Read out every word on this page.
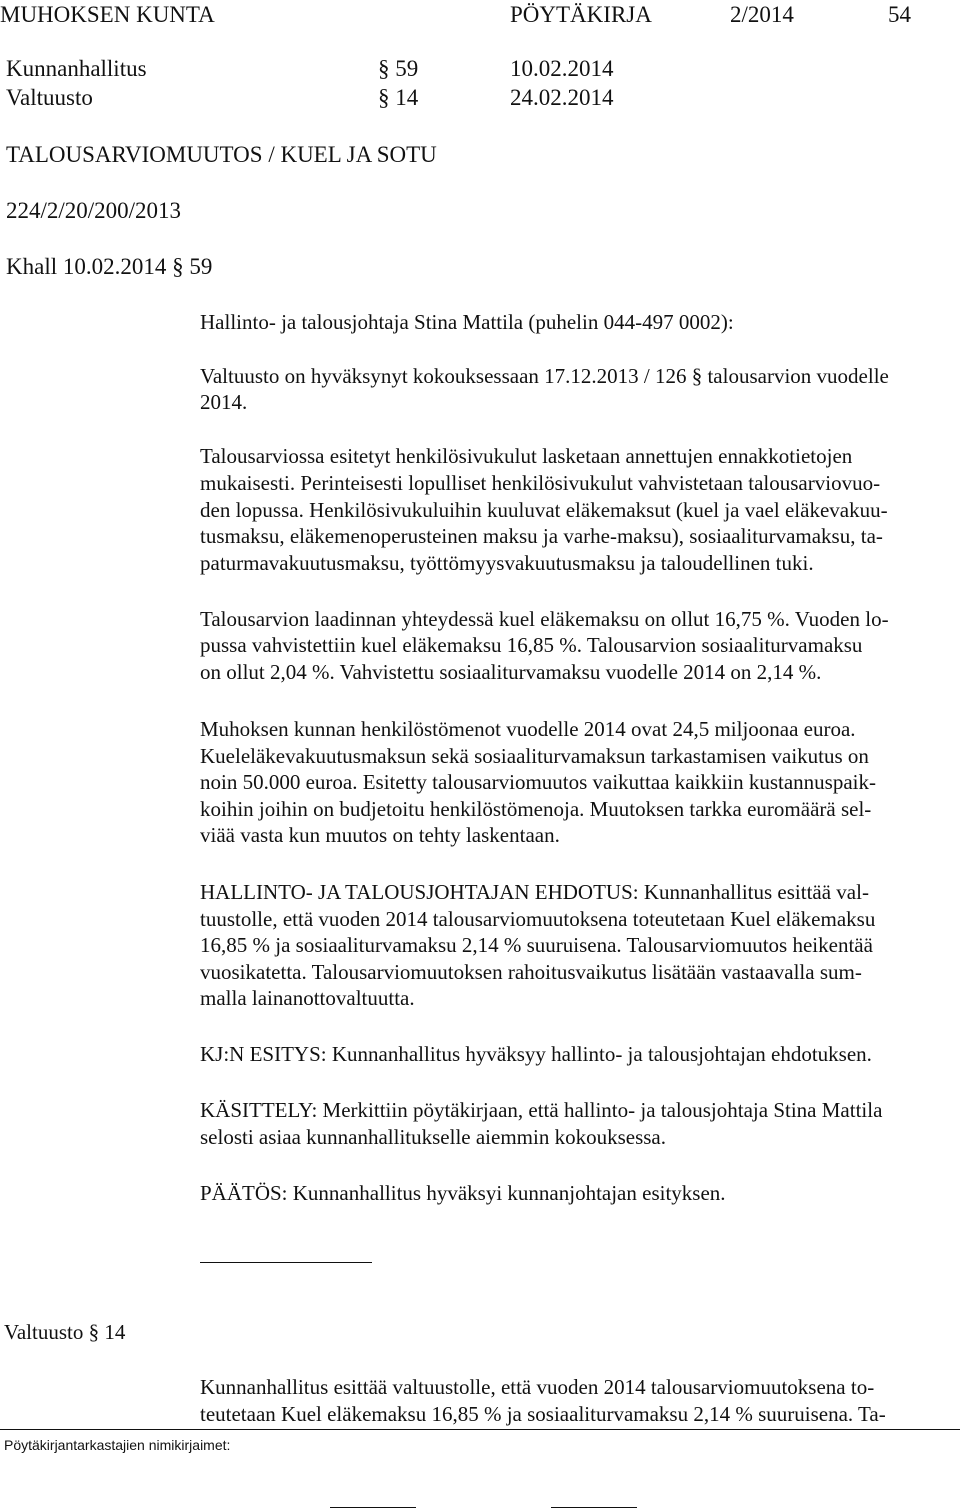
MUHOKSEN KUNTA	PÖYTÄKIRJA	2/2014	54
Kunnanhallitus	§ 59	10.02.2014
Valtuusto	§ 14	24.02.2014
TALOUSARVIOMUUTOS / KUEL JA SOTU
224/2/20/200/2013
Khall 10.02.2014 § 59
Hallinto- ja talousjohtaja Stina Mattila (puhelin 044-497 0002):
Valtuusto on hyväksynyt kokouksessaan 17.12.2013 / 126 § talousarvion vuodelle
2014.
Talousarviossa esitetyt henkilösivukulut lasketaan annettujen ennakkotietojen
mukaisesti. Perinteisesti lopulliset henkilösivukulut vahvistetaan talousarviovuo-
den lopussa. Henkilösivukuluihin kuuluvat eläkemaksut (kuel ja vael eläkevakuu-
tusmaksu, eläkemenoperusteinen maksu ja varhe-maksu), sosiaaliturvamaksu, ta-
paturmavakuutusmaksu, työttömyysvakuutusmaksu ja taloudellinen tuki.
Talousarvion laadinnan yhteydessä kuel eläkemaksu on ollut 16,75 %. Vuoden lo-
pussa vahvistettiin kuel eläkemaksu 16,85 %. Talousarvion sosiaaliturvamaksu
on ollut 2,04 %. Vahvistettu sosiaaliturvamaksu vuodelle 2014 on 2,14 %.
Muhoksen kunnan henkilöstömenot vuodelle 2014 ovat 24,5 miljoonaa euroa.
Kueleläkevakuutusmaksun sekä sosiaaliturvamaksun tarkastamisen vaikutus on
noin 50.000 euroa. Esitetty talousarviomuutos vaikuttaa kaikkiin kustannuspaik-
koihin joihin on budjetoitu henkilöstömenoja. Muutoksen tarkka euromäärä sel-
viää vasta kun muutos on tehty laskentaan.
HALLINTO- JA TALOUSJOHTAJAN EHDOTUS: Kunnanhallitus esittää val-
tuustolle, että vuoden 2014 talousarviomuutoksena toteutetaan Kuel eläkemaksu
16,85 % ja sosiaaliturvamaksu 2,14 % suuruisena. Talousarviomuutos heikentää
vuosikatetta. Talousarviomuutoksen rahoitusvaikutus lisätään vastaavalla sum-
malla lainanottovaltuutta.
KJ:N ESITYS: Kunnanhallitus hyväksyy hallinto- ja talousjohtajan ehdotuksen.
KÄSITTELY: Merkittiin pöytäkirjaan, että hallinto- ja talousjohtaja Stina Mattila
selosti asiaa kunnanhallitukselle aiemmin kokouksessa.
PÄÄTÖS: Kunnanhallitus hyväksyi kunnanjohtajan esityksen.
Valtuusto § 14
Kunnanhallitus esittää valtuustolle, että vuoden 2014 talousarviomuutoksena to-
teutetaan Kuel eläkemaksu 16,85 % ja sosiaaliturvamaksu 2,14 % suuruisena. Ta-
Pöytäkirjantarkastajien nimikirjaimet:
